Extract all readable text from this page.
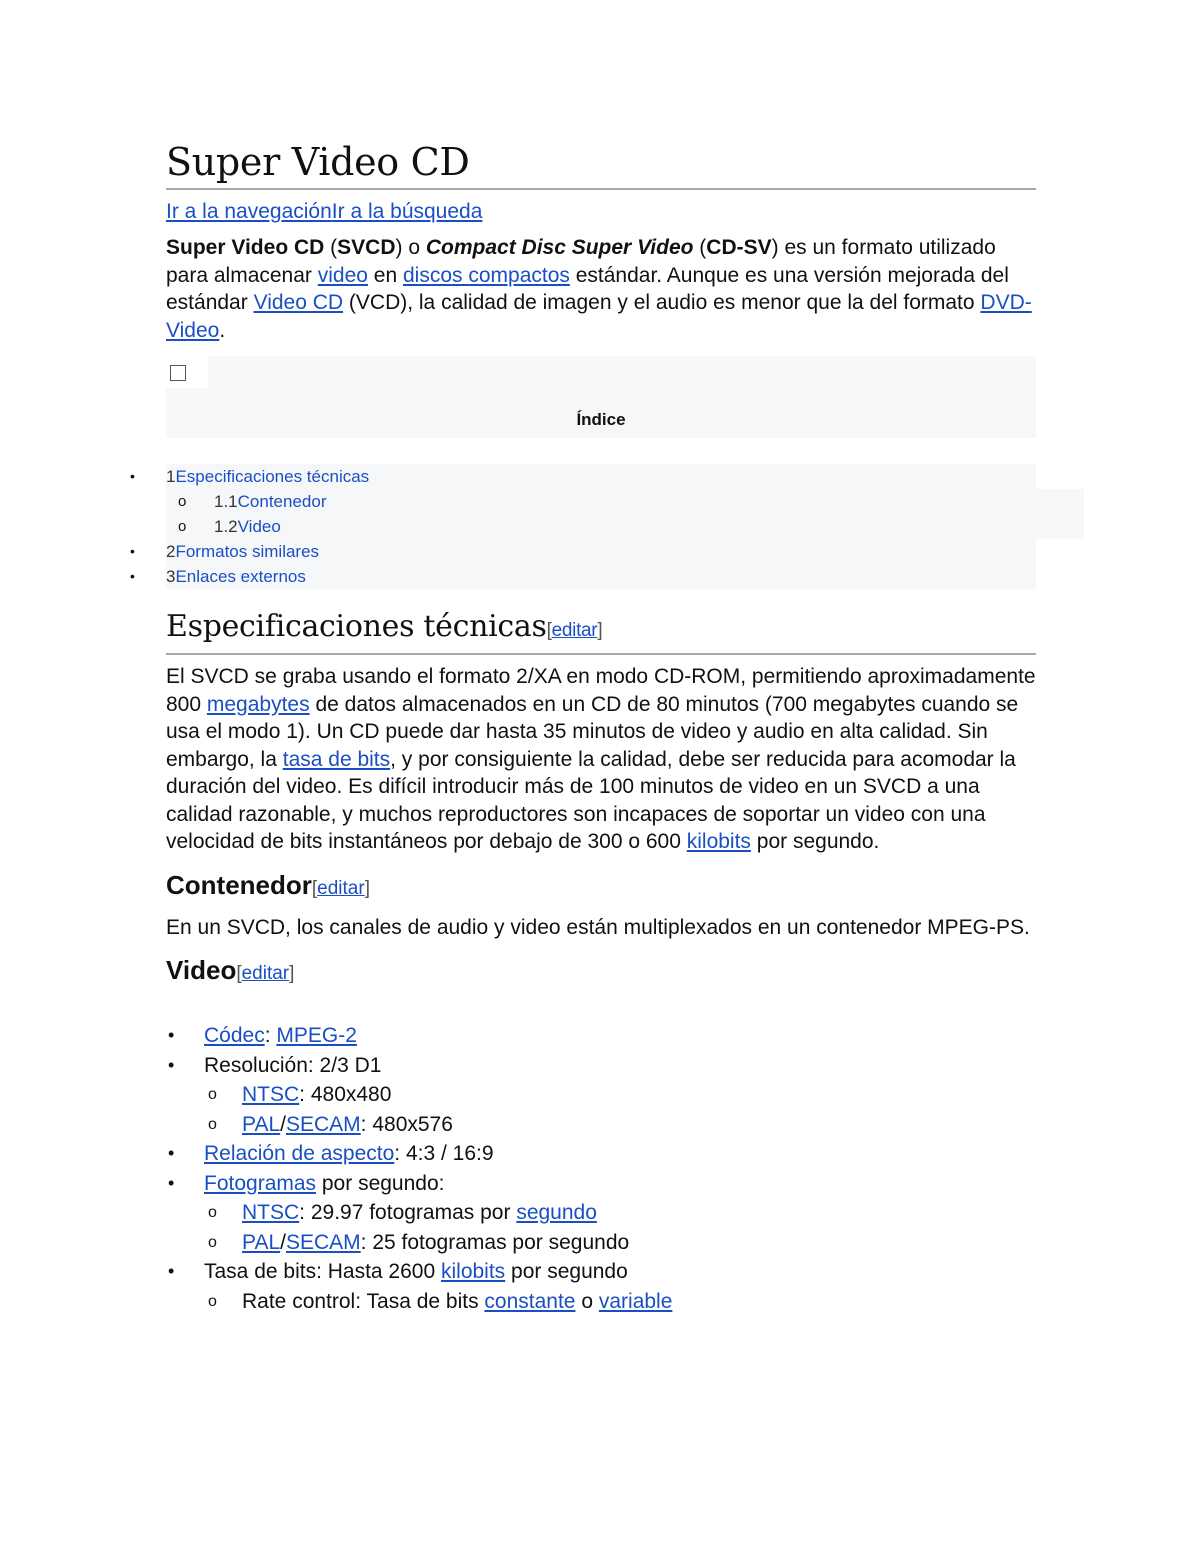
Super Video CD
Ir a la navegaciónIr a la búsqueda
Super Video CD (SVCD) o Compact Disc Super Video (CD-SV) es un formato utilizado para almacenar video en discos compactos estándar. Aunque es una versión mejorada del estándar Video CD (VCD), la calidad de imagen y el audio es menor que la del formato DVD-Video.
Índice
• 1Especificaciones técnicas
o 1.1Contenedor
o 1.2Video
• 2Formatos similares
• 3Enlaces externos
Especificaciones técnicas[editar]
El SVCD se graba usando el formato 2/XA en modo CD-ROM, permitiendo aproximadamente 800 megabytes de datos almacenados en un CD de 80 minutos (700 megabytes cuando se usa el modo 1). Un CD puede dar hasta 35 minutos de video y audio en alta calidad. Sin embargo, la tasa de bits, y por consiguiente la calidad, debe ser reducida para acomodar la duración del video. Es difícil introducir más de 100 minutos de video en un SVCD a una calidad razonable, y muchos reproductores son incapaces de soportar un video con una velocidad de bits instantáneos por debajo de 300 o 600 kilobits por segundo.
Contenedor[editar]
En un SVCD, los canales de audio y video están multiplexados en un contenedor MPEG-PS.
Video[editar]
• Códec: MPEG-2
• Resolución: 2/3 D1
o NTSC: 480x480
o PAL/SECAM: 480x576
• Relación de aspecto: 4:3 / 16:9
• Fotogramas por segundo:
o NTSC: 29.97 fotogramas por segundo
o PAL/SECAM: 25 fotogramas por segundo
• Tasa de bits: Hasta 2600 kilobits por segundo
o Rate control: Tasa de bits constante o variable
